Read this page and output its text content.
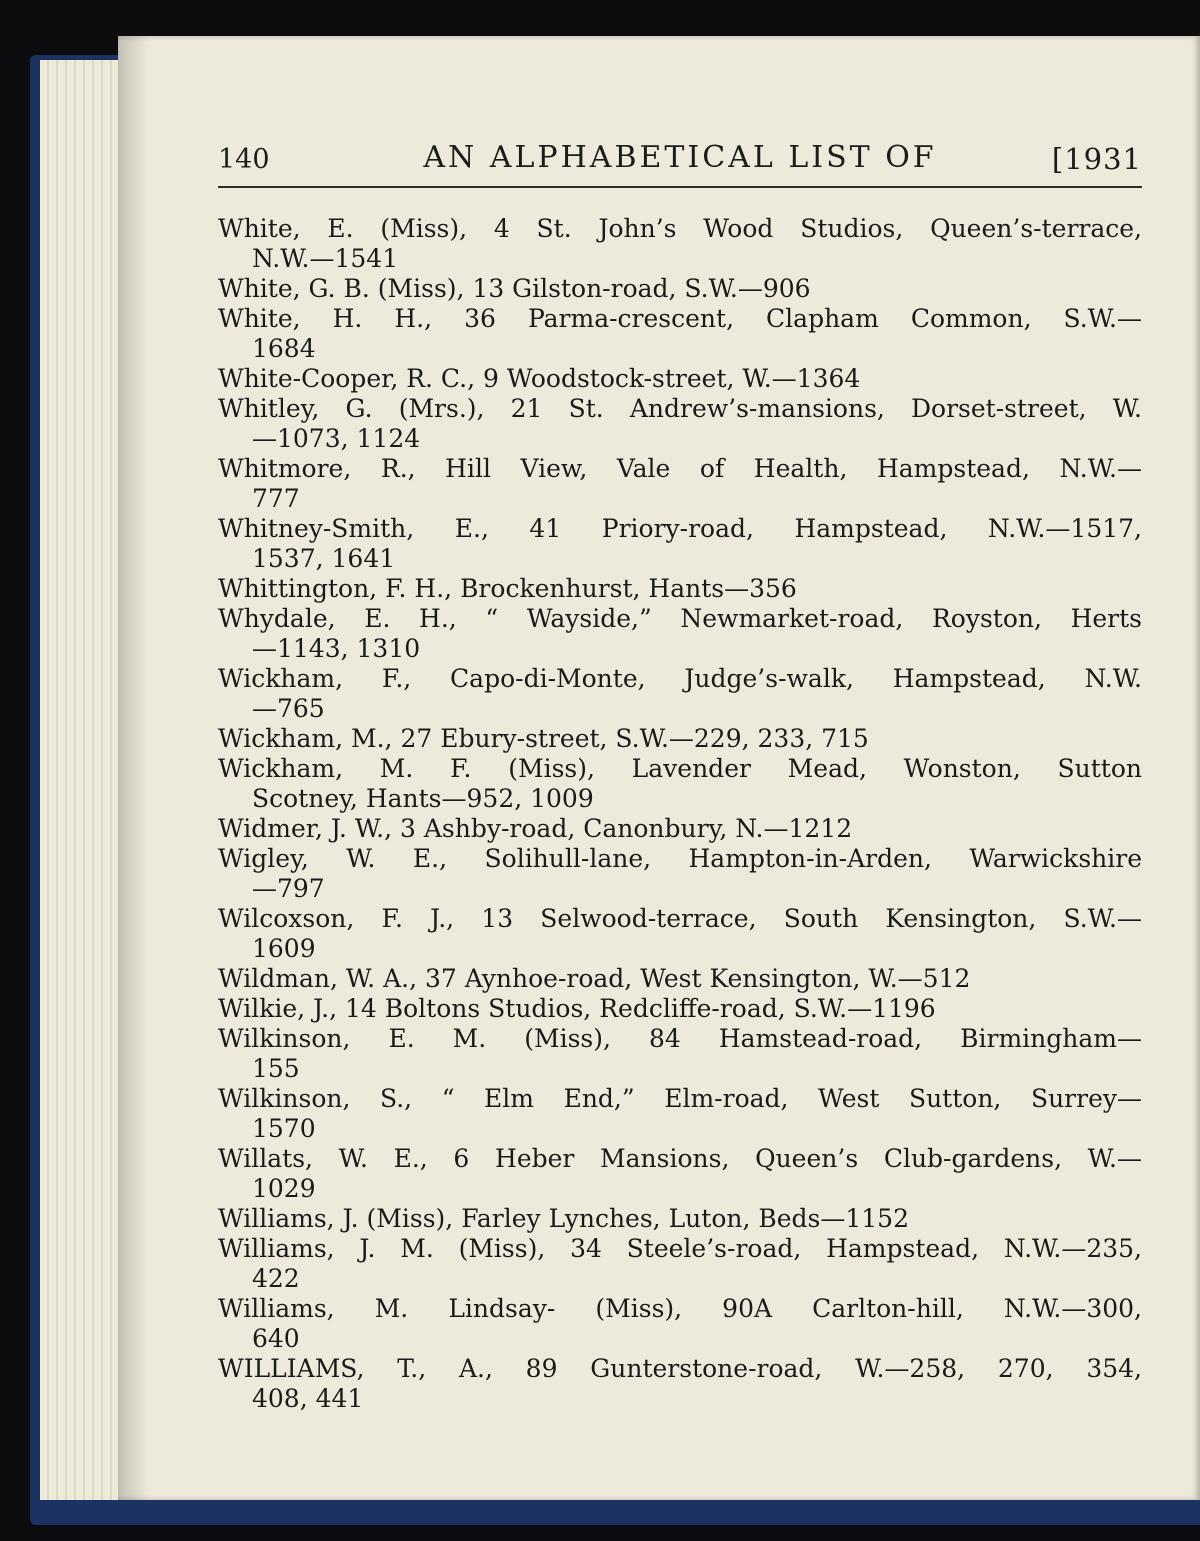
140	AN ALPHABETICAL LIST OF	[1931
White, E. (Miss), 4 St. John’s Wood Studios, Queen’s-terrace,
N.W.—1541
White, G. B. (Miss), 13 Gilston-road, S.W.—906
White, H. H., 36 Parma-crescent, Clapham Common, S.W.—
1684
White-Cooper, R. C., 9 Woodstock-street, W.—1364
Whitley, G. (Mrs.), 21 St. Andrew’s-mansions, Dorset-street, W.
—1073, 1124
Whitmore, R., Hill View, Vale of Health, Hampstead, N.W.—
777
Whitney-Smith, E., 41 Priory-road, Hampstead, N.W.—1517,
1537, 1641
Whittington, F. H., Brockenhurst, Hants—356
Whydale, E. H., “ Wayside,” Newmarket-road, Royston, Herts
—1143, 1310
Wickham, F., Capo-di-Monte, Judge’s-walk, Hampstead, N.W.
—765
Wickham, M., 27 Ebury-street, S.W.—229, 233, 715
Wickham, M. F. (Miss), Lavender Mead, Wonston, Sutton
Scotney, Hants—952, 1009
Widmer, J. W., 3 Ashby-road, Canonbury, N.—1212
Wigley, W. E., Solihull-lane, Hampton-in-Arden, Warwickshire
—797
Wilcoxson, F. J., 13 Selwood-terrace, South Kensington, S.W.—
1609
Wildman, W. A., 37 Aynhoe-road, West Kensington, W.—512
Wilkie, J., 14 Boltons Studios, Redcliffe-road, S.W.—1196
Wilkinson, E. M. (Miss), 84 Hamstead-road, Birmingham—
155
Wilkinson, S., “ Elm End,” Elm-road, West Sutton, Surrey—
1570
Willats, W. E., 6 Heber Mansions, Queen’s Club-gardens, W.—
1029
Williams, J. (Miss), Farley Lynches, Luton, Beds—1152
Williams, J. M. (Miss), 34 Steele’s-road, Hampstead, N.W.—235,
422
Williams, M. Lindsay- (Miss), 90A Carlton-hill, N.W.—300,
640
WILLIAMS, T., A., 89 Gunterstone-road, W.—258, 270, 354,
408, 441
